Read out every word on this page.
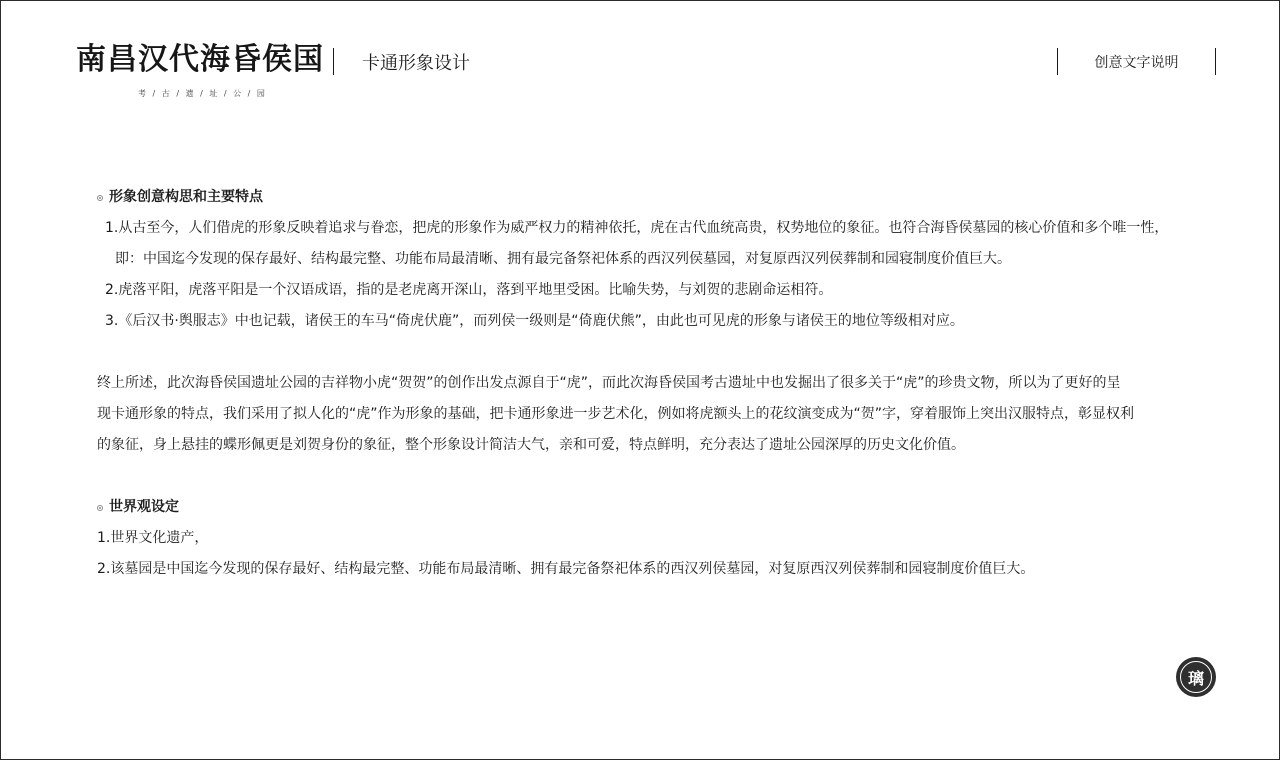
南昌汉代海昏侯国
考 / 古 / 遗 / 址 / 公 / 园
卡通形象设计	创意文字说明
形象创意构思和主要特点
1.从古至今，人们借虎的形象反映着追求与眷恋，把虎的形象作为威严权力的精神依托，虎在古代血统高贵，权势地位的象征。也符合海昏侯墓园的核心价值和多个唯一性，
即：中国迄今发现的保存最好、结构最完整、功能布局最清晰、拥有最完备祭祀体系的西汉列侯墓园，对复原西汉列侯葬制和园寝制度价值巨大。
2.虎落平阳，虎落平阳是一个汉语成语，指的是老虎离开深山，落到平地里受困。比喻失势，与刘贺的悲剧命运相符。
3.《后汉书·舆服志》中也记载，诸侯王的车马“倚虎伏鹿”，而列侯一级则是“倚鹿伏熊”，由此也可见虎的形象与诸侯王的地位等级相对应。
终上所述，此次海昏侯国遗址公园的吉祥物小虎“贺贺”的创作出发点源自于“虎”，而此次海昏侯国考古遗址中也发掘出了很多关于“虎”的珍贵文物，所以为了更好的呈
现卡通形象的特点，我们采用了拟人化的“虎”作为形象的基础，把卡通形象进一步艺术化，例如将虎额头上的花纹演变成为“贺”字，穿着服饰上突出汉服特点，彰显权利
的象征，身上悬挂的蝶形佩更是刘贺身份的象征，整个形象设计简洁大气，亲和可爱，特点鲜明，充分表达了遗址公园深厚的历史文化价值。
世界观设定
1.世界文化遗产，
2.该墓园是中国迄今发现的保存最好、结构最完整、功能布局最清晰、拥有最完备祭祀体系的西汉列侯墓园，对复原西汉列侯葬制和园寝制度价值巨大。
璃
